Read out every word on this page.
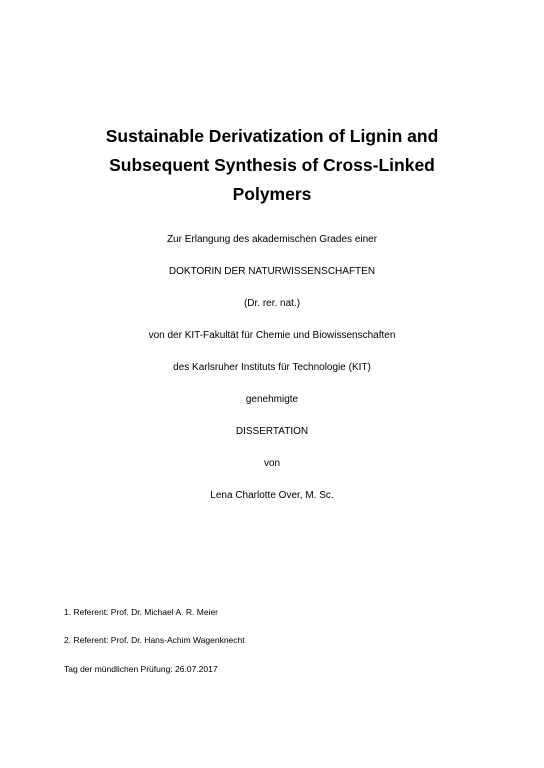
Sustainable Derivatization of Lignin and
Subsequent Synthesis of Cross-Linked
Polymers

Zur Erlangung des akademischen Grades einer

DOKTORIN DER NATURWISSENSCHAFTEN

(Dr. rer. nat.)

von der KIT-Fakultät für Chemie und Biowissenschaften

des Karlsruher Instituts für Technologie (KIT)

genehmigte

DISSERTATION

von

Lena Charlotte Over, M. Sc.

1. Referent: Prof. Dr. Michael A. R. Meier

2. Referent: Prof. Dr. Hans-Achim Wagenknecht

Tag der mündlichen Prüfung: 26.07.2017
